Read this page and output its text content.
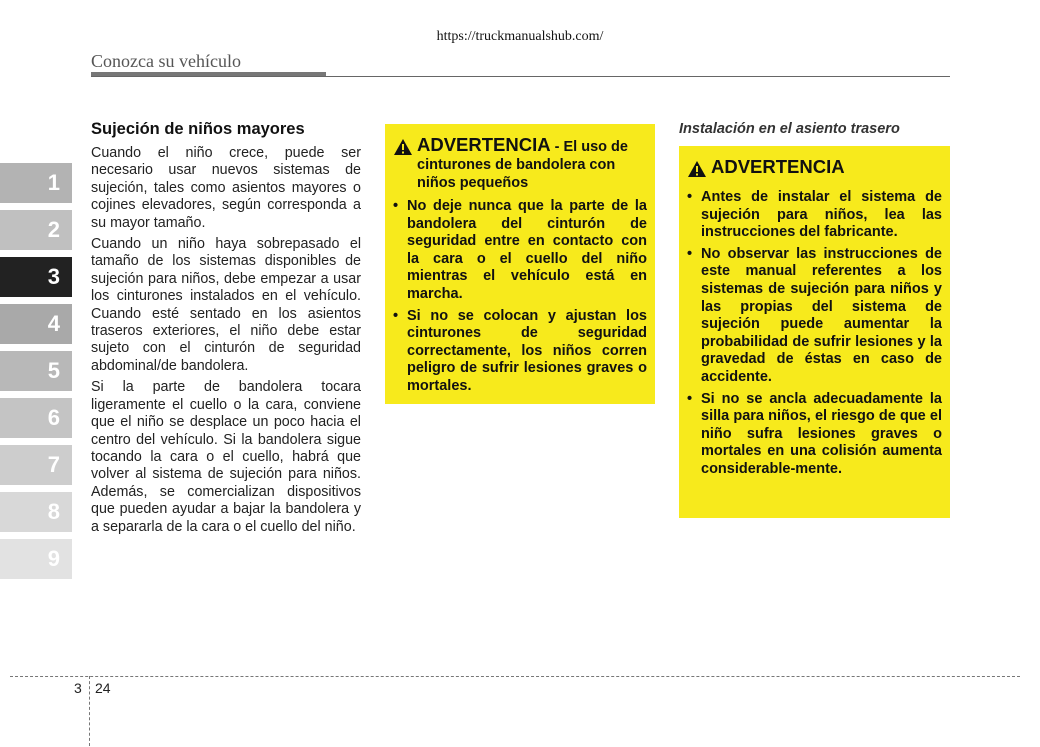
https://truckmanualshub.com/
Conozca su vehículo
1
2
3
4
5
6
7
8
9
Sujeción de niños mayores

Cuando el niño crece, puede ser necesario usar nuevos sistemas de sujeción, tales como asientos mayores o cojines elevadores, según corresponda a su mayor tamaño.

Cuando un niño haya sobrepasado el tamaño de los sistemas disponibles de sujeción para niños, debe empezar a usar los cinturones instalados en el vehículo. Cuando esté sentado en los asientos traseros exteriores, el niño debe estar sujeto con el cinturón de seguridad abdominal/de bandolera.

Si la parte de bandolera tocara ligeramente el cuello o la cara, conviene que el niño se desplace un poco hacia el centro del vehículo. Si la bandolera sigue tocando la cara o el cuello, habrá que volver al sistema de sujeción para niños. Además, se comercializan dispositivos que pueden ayudar a bajar la bandolera y a separarla de la cara o el cuello del niño.

ADVERTENCIA - El uso de cinturones de bandolera con niños pequeños
• No deje nunca que la parte de la bandolera del cinturón de seguridad entre en contacto con la cara o el cuello del niño mientras el vehículo está en marcha.
• Si no se colocan y ajustan los cinturones de seguridad correctamente, los niños corren peligro de sufrir lesiones graves o mortales.
Instalación en el asiento trasero
ADVERTENCIA
• Antes de instalar el sistema de sujeción para niños, lea las instrucciones del fabricante.
• No observar las instrucciones de este manual referentes a los sistemas de sujeción para niños y las propias del sistema de sujeción puede aumentar la probabilidad de sufrir lesiones y la gravedad de éstas en caso de accidente.
• Si no se ancla adecuadamente la silla para niños, el riesgo de que el niño sufra lesiones graves o mortales en una colisión aumenta considerable-mente.
3 24
